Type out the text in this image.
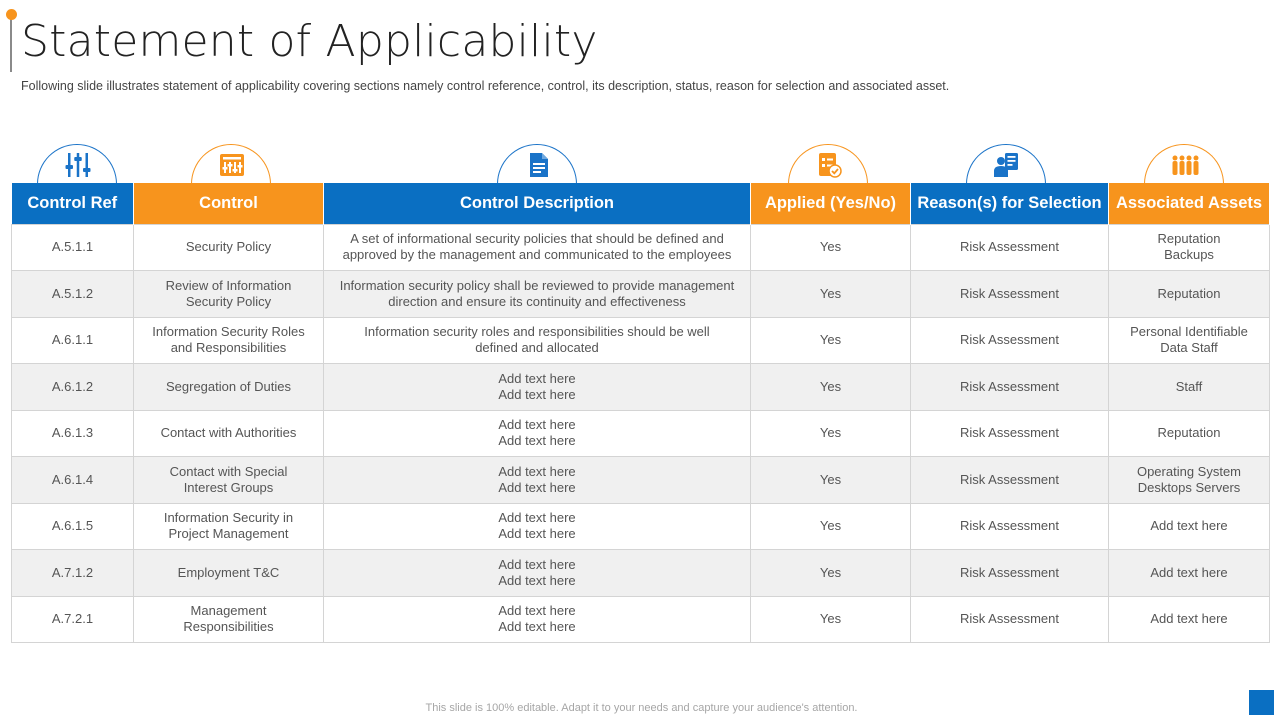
Statement of Applicability

Following slide illustrates statement of applicability covering sections namely control reference, control, its description, status, reason for selection and associated asset.

Control Ref	Control	Control Description	Applied (Yes/No)	Reason(s) for Selection	Associated Assets
A.5.1.1	Security Policy	A set of informational security policies that should be defined and
approved by the management and communicated to the employees	Yes	Risk Assessment	Reputation
Backups

A.5.1.2	Review of Information
Security Policy	Information security policy shall be reviewed to provide management
direction and ensure its continuity and effectiveness	Yes	Risk Assessment	Reputation

A.6.1.1	Information Security Roles
and Responsibilities	Information security roles and responsibilities should be well
defined and allocated	Yes	Risk Assessment	Personal Identifiable
Data Staff

A.6.1.2	Segregation of Duties	Add text here
Add text here	Yes	Risk Assessment	Staff

A.6.1.3	Contact with Authorities	Add text here
Add text here	Yes	Risk Assessment	Reputation

A.6.1.4	Contact with Special
Interest Groups	Add text here
Add text here	Yes	Risk Assessment	Operating System
Desktops Servers

A.6.1.5	Information Security in
Project Management	Add text here
Add text here	Yes	Risk Assessment	Add text here

A.7.1.2	Employment T&C	Add text here
Add text here	Yes	Risk Assessment	Add text here

A.7.2.1	Management
Responsibilities	Add text here
Add text here	Yes	Risk Assessment	Add text here
This slide is 100% editable. Adapt it to your needs and capture your audience's attention.
